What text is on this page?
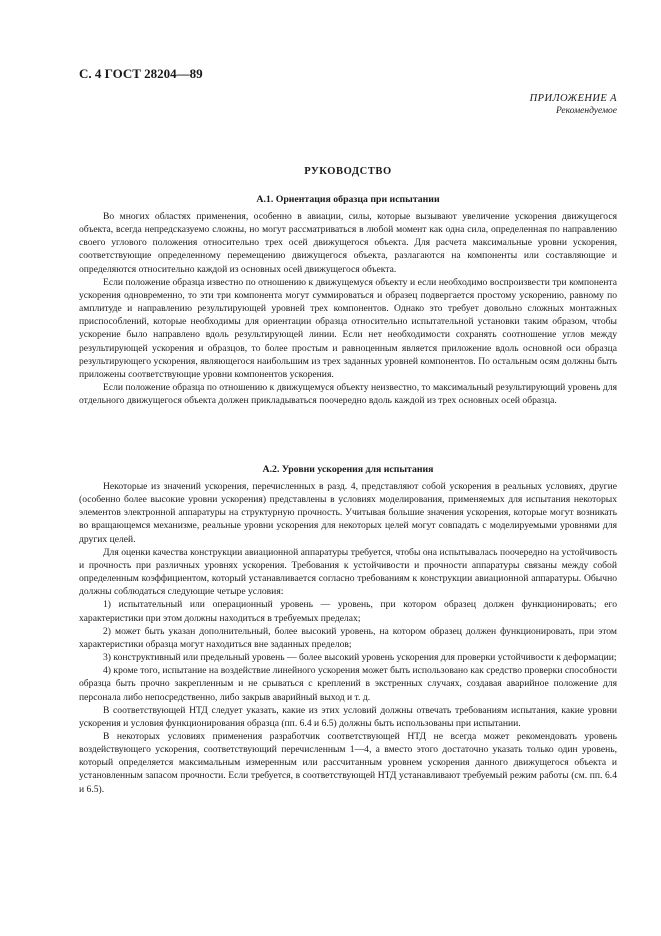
С. 4 ГОСТ 28204—89
ПРИЛОЖЕНИЕ А
Рекомендуемое
РУКОВОДСТВО
А.1. Ориентация образца при испытании

Во многих областях применения, особенно в авиации, силы, которые вызывают увеличение ускорения движущегося объекта, всегда непредсказуемо сложны, но могут рассматриваться в любой момент как одна сила, определенная по направлению своего углового положения относительно трех осей движущегося объекта. Для расчета максимальные уровни ускорения, соответствующие определенному перемещению движущегося объекта, разлагаются на компоненты или составляющие и определяются относительно каждой из основных осей движущегося объекта.

Если положение образца известно по отношению к движущемуся объекту и если необходимо воспроизвести три компонента ускорения одновременно, то эти три компонента могут суммироваться и образец подвергается простому ускорению, равному по амплитуде и направлению результирующей уровней трех компонентов. Однако это требует довольно сложных монтажных приспособлений, которые необходимы для ориентации образца относительно испытательной установки таким образом, чтобы ускорение было направлено вдоль результирующей линии. Если нет необходимости сохранять соотношение углов между результирующей ускорения и образцов, то более простым и равноценным является приложение вдоль основной оси образца результирующего ускорения, являющегося наибольшим из трех заданных уровней компонентов. По остальным осям должны быть приложены соответствующие уровни компонентов ускорения.

Если положение образца по отношению к движущемуся объекту неизвестно, то максимальный результирующий уровень для отдельного движущегося объекта должен прикладываться поочередно вдоль каждой из трех основных осей образца.

А.2. Уровни ускорения для испытания

Некоторые из значений ускорения, перечисленных в разд. 4, представляют собой ускорения в реальных условиях, другие (особенно более высокие уровни ускорения) представлены в условиях моделирования, применяемых для испытания некоторых элементов электронной аппаратуры на структурную прочность. Учитывая большие значения ускорения, которые могут возникать во вращающемся механизме, реальные уровни ускорения для некоторых целей могут совпадать с моделируемыми уровнями для других целей.

Для оценки качества конструкции авиационной аппаратуры требуется, чтобы она испытывалась поочередно на устойчивость и прочность при различных уровнях ускорения. Требования к устойчивости и прочности аппаратуры связаны между собой определенным коэффициентом, который устанавливается согласно требованиям к конструкции авиационной аппаратуры. Обычно должны соблюдаться следующие четыре условия:

1) испытательный или операционный уровень — уровень, при котором образец должен функционировать; его характеристики при этом должны находиться в требуемых пределах;

2) может быть указан дополнительный, более высокий уровень, на котором образец должен функционировать, при этом характеристики образца могут находиться вне заданных пределов;

3) конструктивный или предельный уровень — более высокий уровень ускорения для проверки устойчивости к деформации;

4) кроме того, испытание на воздействие линейного ускорения может быть использовано как средство проверки способности образца быть прочно закрепленным и не срываться с креплений в экстренных случаях, создавая аварийное положение для персонала либо непосредственно, либо закрыв аварийный выход и т. д.

В соответствующей НТД следует указать, какие из этих условий должны отвечать требованиям испытания, какие уровни ускорения и условия функционирования образца (пп. 6.4 и 6.5) должны быть использованы при испытании.

В некоторых условиях применения разработчик соответствующей НТД не всегда может рекомендовать уровень воздействующего ускорения, соответствующий перечисленным 1—4, а вместо этого достаточно указать только один уровень, который определяется максимальным измеренным или рассчитанным уровнем ускорения данного движущегося объекта и установленным запасом прочности. Если требуется, в соответствующей НТД устанавливают требуемый режим работы (см. пп. 6.4 и 6.5).
